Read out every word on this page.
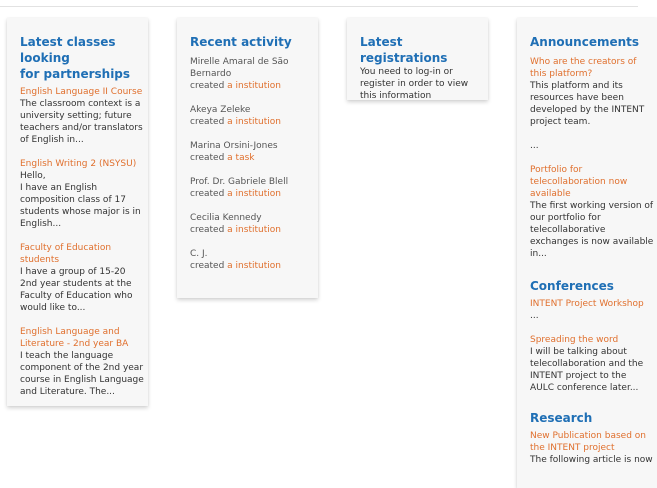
Latest classes looking
for partnerships
English Language II Course
The classroom context is a
university setting; future
teachers and/or translators
of English in...
English Writing 2 (NSYSU)
Hello,
I have an English
composition class of 17
students whose major is in
English...
Faculty of Education
students
I have a group of 15-20
2nd year students at the
Faculty of Education who
would like to...
English Language and
Literature - 2nd year BA
I teach the language
component of the 2nd year
course in English Language
and Literature. The...
Recent activity
Mirelle Amaral de São
Bernardo
created a institution
Akeya Zeleke
created a institution
Marina Orsini-Jones
created a task
Prof. Dr. Gabriele Blell
created a institution
Cecilia Kennedy
created a institution
C. J.
created a institution
Latest registrations
You need to log-in or
register in order to view
this information
Announcements
Who are the creators of
this platform?
This platform and its
resources have been
developed by the INTENT
project team.
...
Portfolio for
telecollaboration now
available
The first working version of
our portfolio for
telecollaborative
exchanges is now available
in...
Conferences
INTENT Project Workshop
...
Spreading the word
I will be talking about
telecollaboration and the
INTENT project to the
AULC conference later...
Research
New Publication based on
the INTENT project
The following article is now
